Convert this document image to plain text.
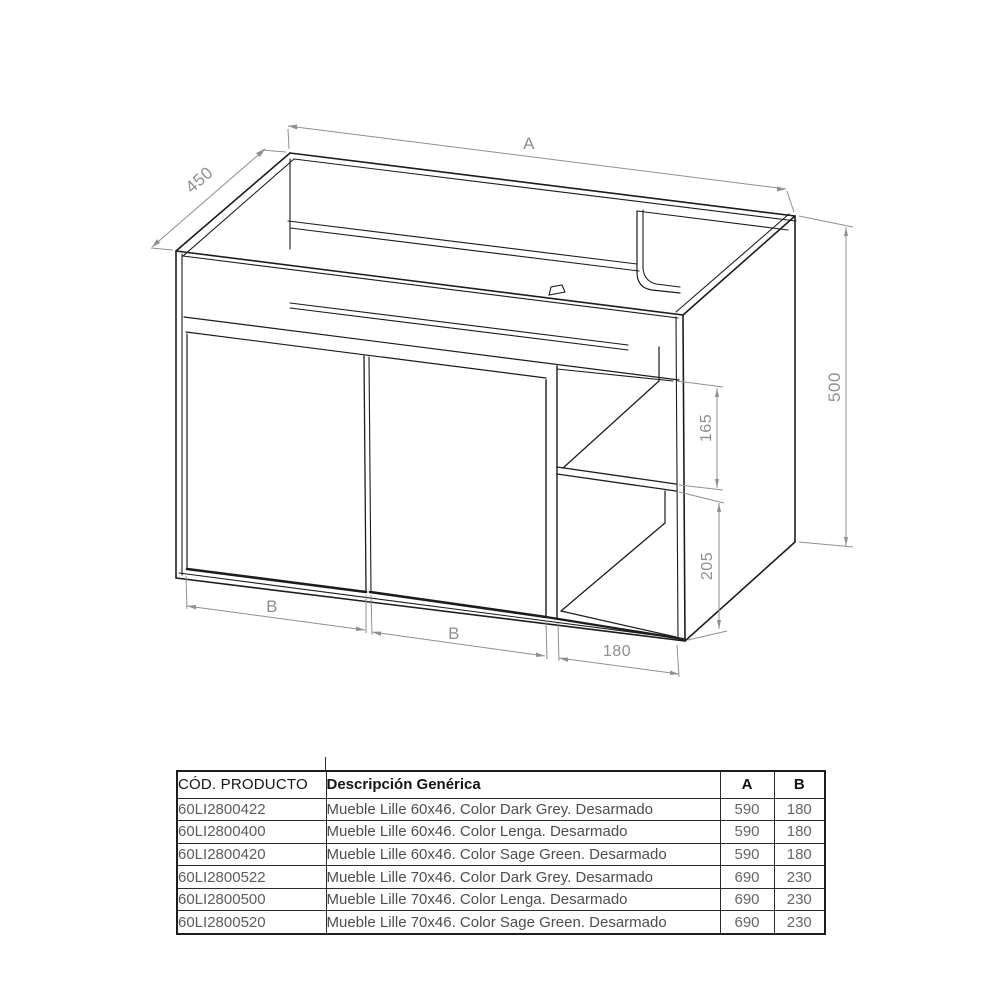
A
450
500
165
205
B
B
180
CÓD. PRODUCTO	Descripción Genérica	A	B
60LI2800422	Mueble Lille 60x46. Color Dark Grey. Desarmado	590	180
60LI2800400	Mueble Lille 60x46. Color Lenga. Desarmado	590	180
60LI2800420	Mueble Lille 60x46. Color Sage Green. Desarmado	590	180
60LI2800522	Mueble Lille 70x46. Color Dark Grey. Desarmado	690	230
60LI2800500	Mueble Lille 70x46. Color Lenga. Desarmado	690	230
60LI2800520	Mueble Lille 70x46. Color Sage Green. Desarmado	690	230
